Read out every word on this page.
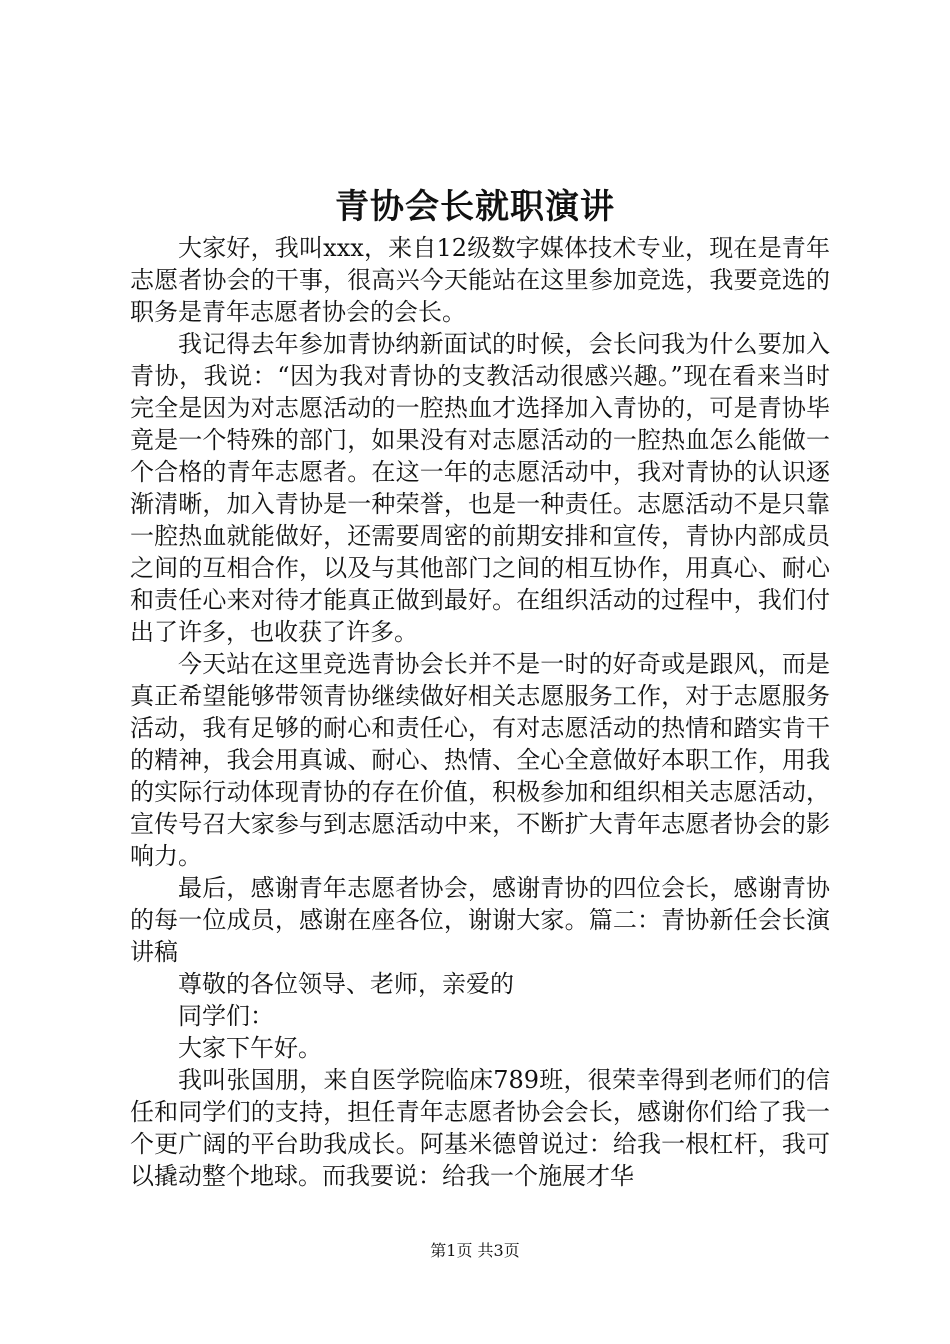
青协会长就职演讲

大家好，我叫xxx，来自12级数字媒体技术专业，现在是青年志愿者协会的干事，很高兴今天能站在这里参加竞选，我要竞选的职务是青年志愿者协会的会长。

我记得去年参加青协纳新面试的时候，会长问我为什么要加入青协，我说：“因为我对青协的支教活动很感兴趣。”现在看来当时完全是因为对志愿活动的一腔热血才选择加入青协的，可是青协毕竟是一个特殊的部门，如果没有对志愿活动的一腔热血怎么能做一个合格的青年志愿者。在这一年的志愿活动中，我对青协的认识逐渐清晰，加入青协是一种荣誉，也是一种责任。志愿活动不是只靠一腔热血就能做好，还需要周密的前期安排和宣传，青协内部成员之间的互相合作，以及与其他部门之间的相互协作，用真心、耐心和责任心来对待才能真正做到最好。在组织活动的过程中，我们付出了许多，也收获了许多。

今天站在这里竞选青协会长并不是一时的好奇或是跟风，而是真正希望能够带领青协继续做好相关志愿服务工作，对于志愿服务活动，我有足够的耐心和责任心，有对志愿活动的热情和踏实肯干的精神，我会用真诚、耐心、热情、全心全意做好本职工作，用我的实际行动体现青协的存在价值，积极参加和组织相关志愿活动，宣传号召大家参与到志愿活动中来，不断扩大青年志愿者协会的影响力。

最后，感谢青年志愿者协会，感谢青协的四位会长，感谢青协的每一位成员，感谢在座各位，谢谢大家。篇二：青协新任会长演讲稿

尊敬的各位领导、老师，亲爱的

同学们：

大家下午好。

我叫张国朋，来自医学院临床789班，很荣幸得到老师们的信任和同学们的支持，担任青年志愿者协会会长，感谢你们给了我一个更广阔的平台助我成长。阿基米德曾说过：给我一根杠杆，我可以撬动整个地球。而我要说：给我一个施展才华

第1页 共3页
